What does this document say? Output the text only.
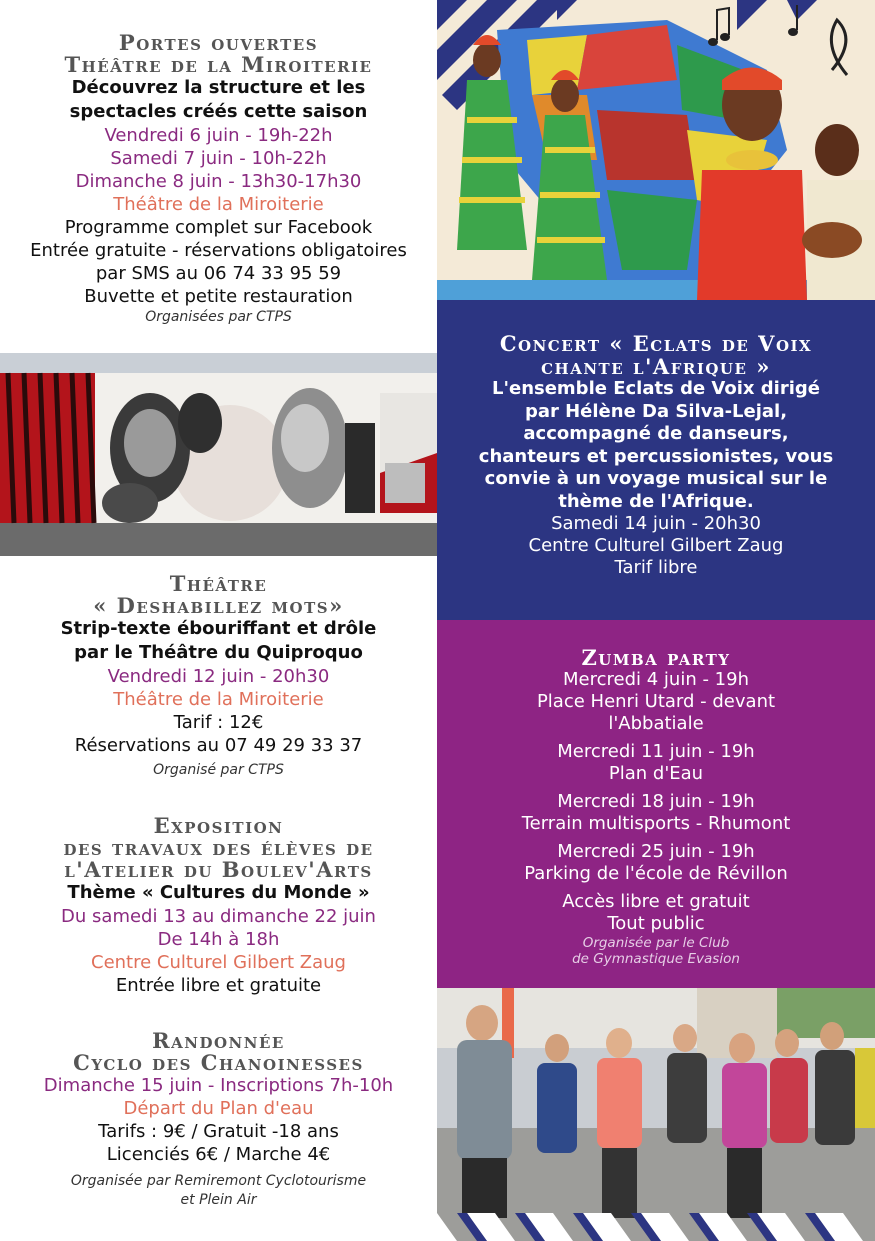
Portes ouvertes
Théâtre de la Miroiterie
Découvrez la structure et les
spectacles créés cette saison
Vendredi 6 juin - 19h-22h
Samedi 7 juin - 10h-22h
Dimanche 8 juin - 13h30-17h30
Théâtre de la Miroiterie
Programme complet sur Facebook
Entrée gratuite - réservations obligatoires
par SMS au 06 74 33 95 59
Buvette et petite restauration
Organisées par CTPS
Théâtre
« Deshabillez mots»
Strip-texte ébouriffant et drôle
par le Théâtre du Quiproquo
Vendredi 12 juin - 20h30
Théâtre de la Miroiterie
Tarif : 12€
Réservations au 07 49 29 33 37
Organisé par CTPS
Exposition
des travaux des élèves de
l'Atelier du Boulev'Arts
Thème « Cultures du Monde »
Du samedi 13 au dimanche 22 juin
De 14h à 18h
Centre Culturel Gilbert Zaug
Entrée libre et gratuite
Randonnée
Cyclo des Chanoinesses
Dimanche 15 juin - Inscriptions 7h-10h
Départ du Plan d'eau
Tarifs : 9€ / Gratuit -18 ans
Licenciés 6€ / Marche 4€
Organisée par Remiremont Cyclotourisme
et Plein Air
Concert « Eclats de Voix
chante l'Afrique »
L'ensemble Eclats de Voix dirigé
par Hélène Da Silva-Lejal,
accompagné de danseurs,
chanteurs et percussionistes, vous
convie à un voyage musical sur le
thème de l'Afrique.
Samedi 14 juin - 20h30
Centre Culturel Gilbert Zaug
Tarif libre
Zumba party
Mercredi 4 juin - 19h
Place Henri Utard - devant
l'Abbatiale
Mercredi 11 juin - 19h
Plan d'Eau
Mercredi 18 juin - 19h
Terrain multisports - Rhumont
Mercredi 25 juin - 19h
Parking de l'école de Révillon
Accès libre et gratuit
Tout public
Organisée par le Club
de Gymnastique Evasion
